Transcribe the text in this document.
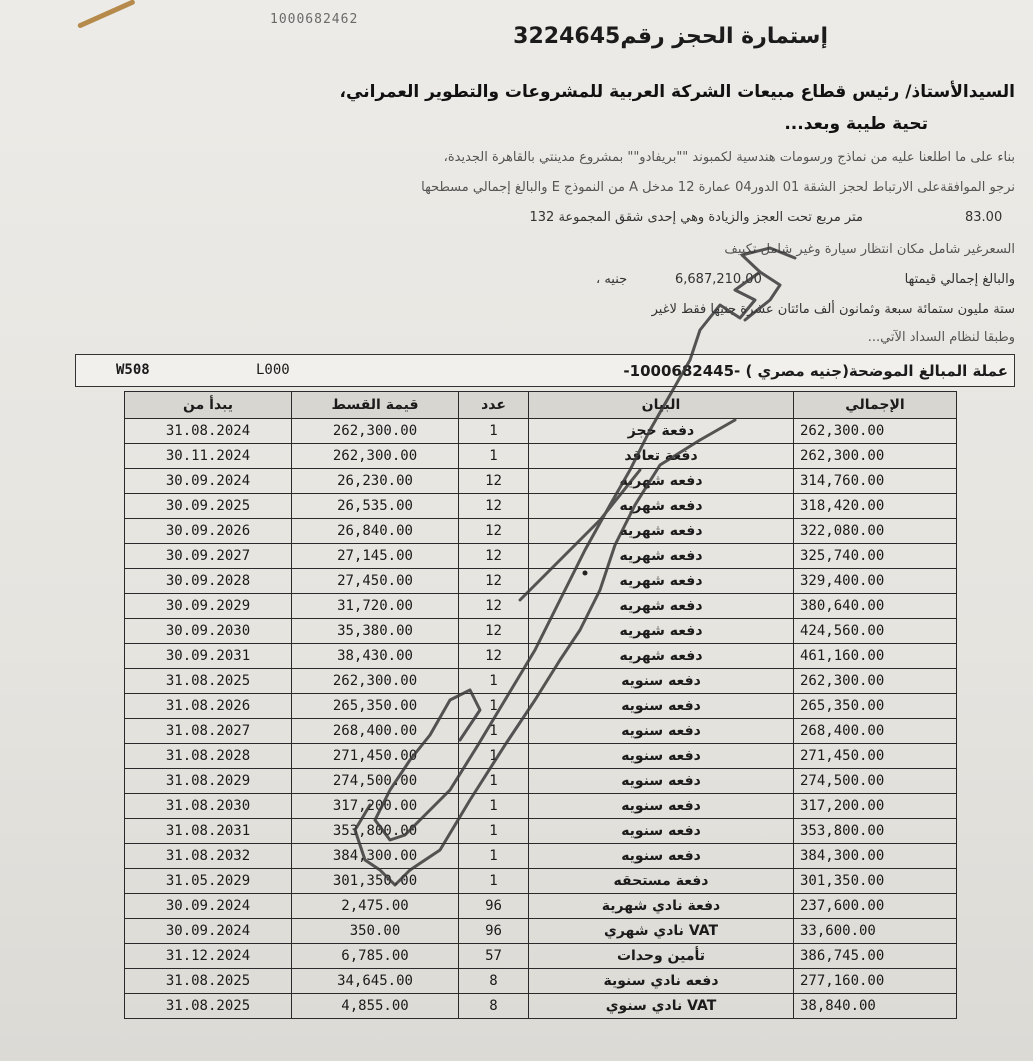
1000682462
إستمارة الحجز رقم3224645
السيدالأستاذ/ رئيس قطاع مبيعات الشركة العربية للمشروعات والتطوير العمراني،
تحية طيبة وبعد...
بناء على ما اطلعنا عليه من نماذج ورسومات هندسية لكمبوند ""بريفادو"" بمشروع مدينتي بالقاهرة الجديدة،
نرجو الموافقةعلى الارتباط لحجز الشقة 01 الدور04 عمارة 12 مدخل A من النموذج E والبالغ إجمالي مسطحها
متر مربع تحت العجز والزيادة وهي إحدى شقق المجموعة 132	83.00
السعرغير شامل مكان انتظار سيارة وغير شامل تكييف
والبالغ إجمالي قيمتها
6,687,210.00
جنيه ،
ستة مليون ستمائة سبعة وثمانون ألف مائتان عشرة جنيها فقط لاغير
وطبقا لنظام السداد الآتي...
W508	L000	عملة المبالغ الموضحة(جنيه مصري ) -1000682445-
الإجمالي	البيان	عدد	قيمة القسط	يبدأ من
262,300.00	دفعة حجز	1	262,300.00	31.08.2024
262,300.00	دفعة تعاقد	1	262,300.00	30.11.2024
314,760.00	دفعه شهريه	12	26,230.00	30.09.2024
318,420.00	دفعه شهريه	12	26,535.00	30.09.2025
322,080.00	دفعه شهريه	12	26,840.00	30.09.2026
325,740.00	دفعه شهريه	12	27,145.00	30.09.2027
329,400.00	دفعه شهريه	12	27,450.00	30.09.2028
380,640.00	دفعه شهريه	12	31,720.00	30.09.2029
424,560.00	دفعه شهريه	12	35,380.00	30.09.2030
461,160.00	دفعه شهريه	12	38,430.00	30.09.2031
262,300.00	دفعه سنويه	1	262,300.00	31.08.2025
265,350.00	دفعه سنويه	1	265,350.00	31.08.2026
268,400.00	دفعه سنويه	1	268,400.00	31.08.2027
271,450.00	دفعه سنويه	1	271,450.00	31.08.2028
274,500.00	دفعه سنويه	1	274,500.00	31.08.2029
317,200.00	دفعه سنويه	1	317,200.00	31.08.2030
353,800.00	دفعه سنويه	1	353,800.00	31.08.2031
384,300.00	دفعه سنويه	1	384,300.00	31.08.2032
301,350.00	دفعة مستحقه	1	301,350.00	31.05.2029
237,600.00	دفعة نادي شهرية	96	2,475.00	30.09.2024
33,600.00	VAT نادي شهري	96	350.00	30.09.2024
386,745.00	تأمين وحدات	57	6,785.00	31.12.2024
277,160.00	دفعه نادي سنوية	8	34,645.00	31.08.2025
38,840.00	VAT نادي سنوي	8	4,855.00	31.08.2025
